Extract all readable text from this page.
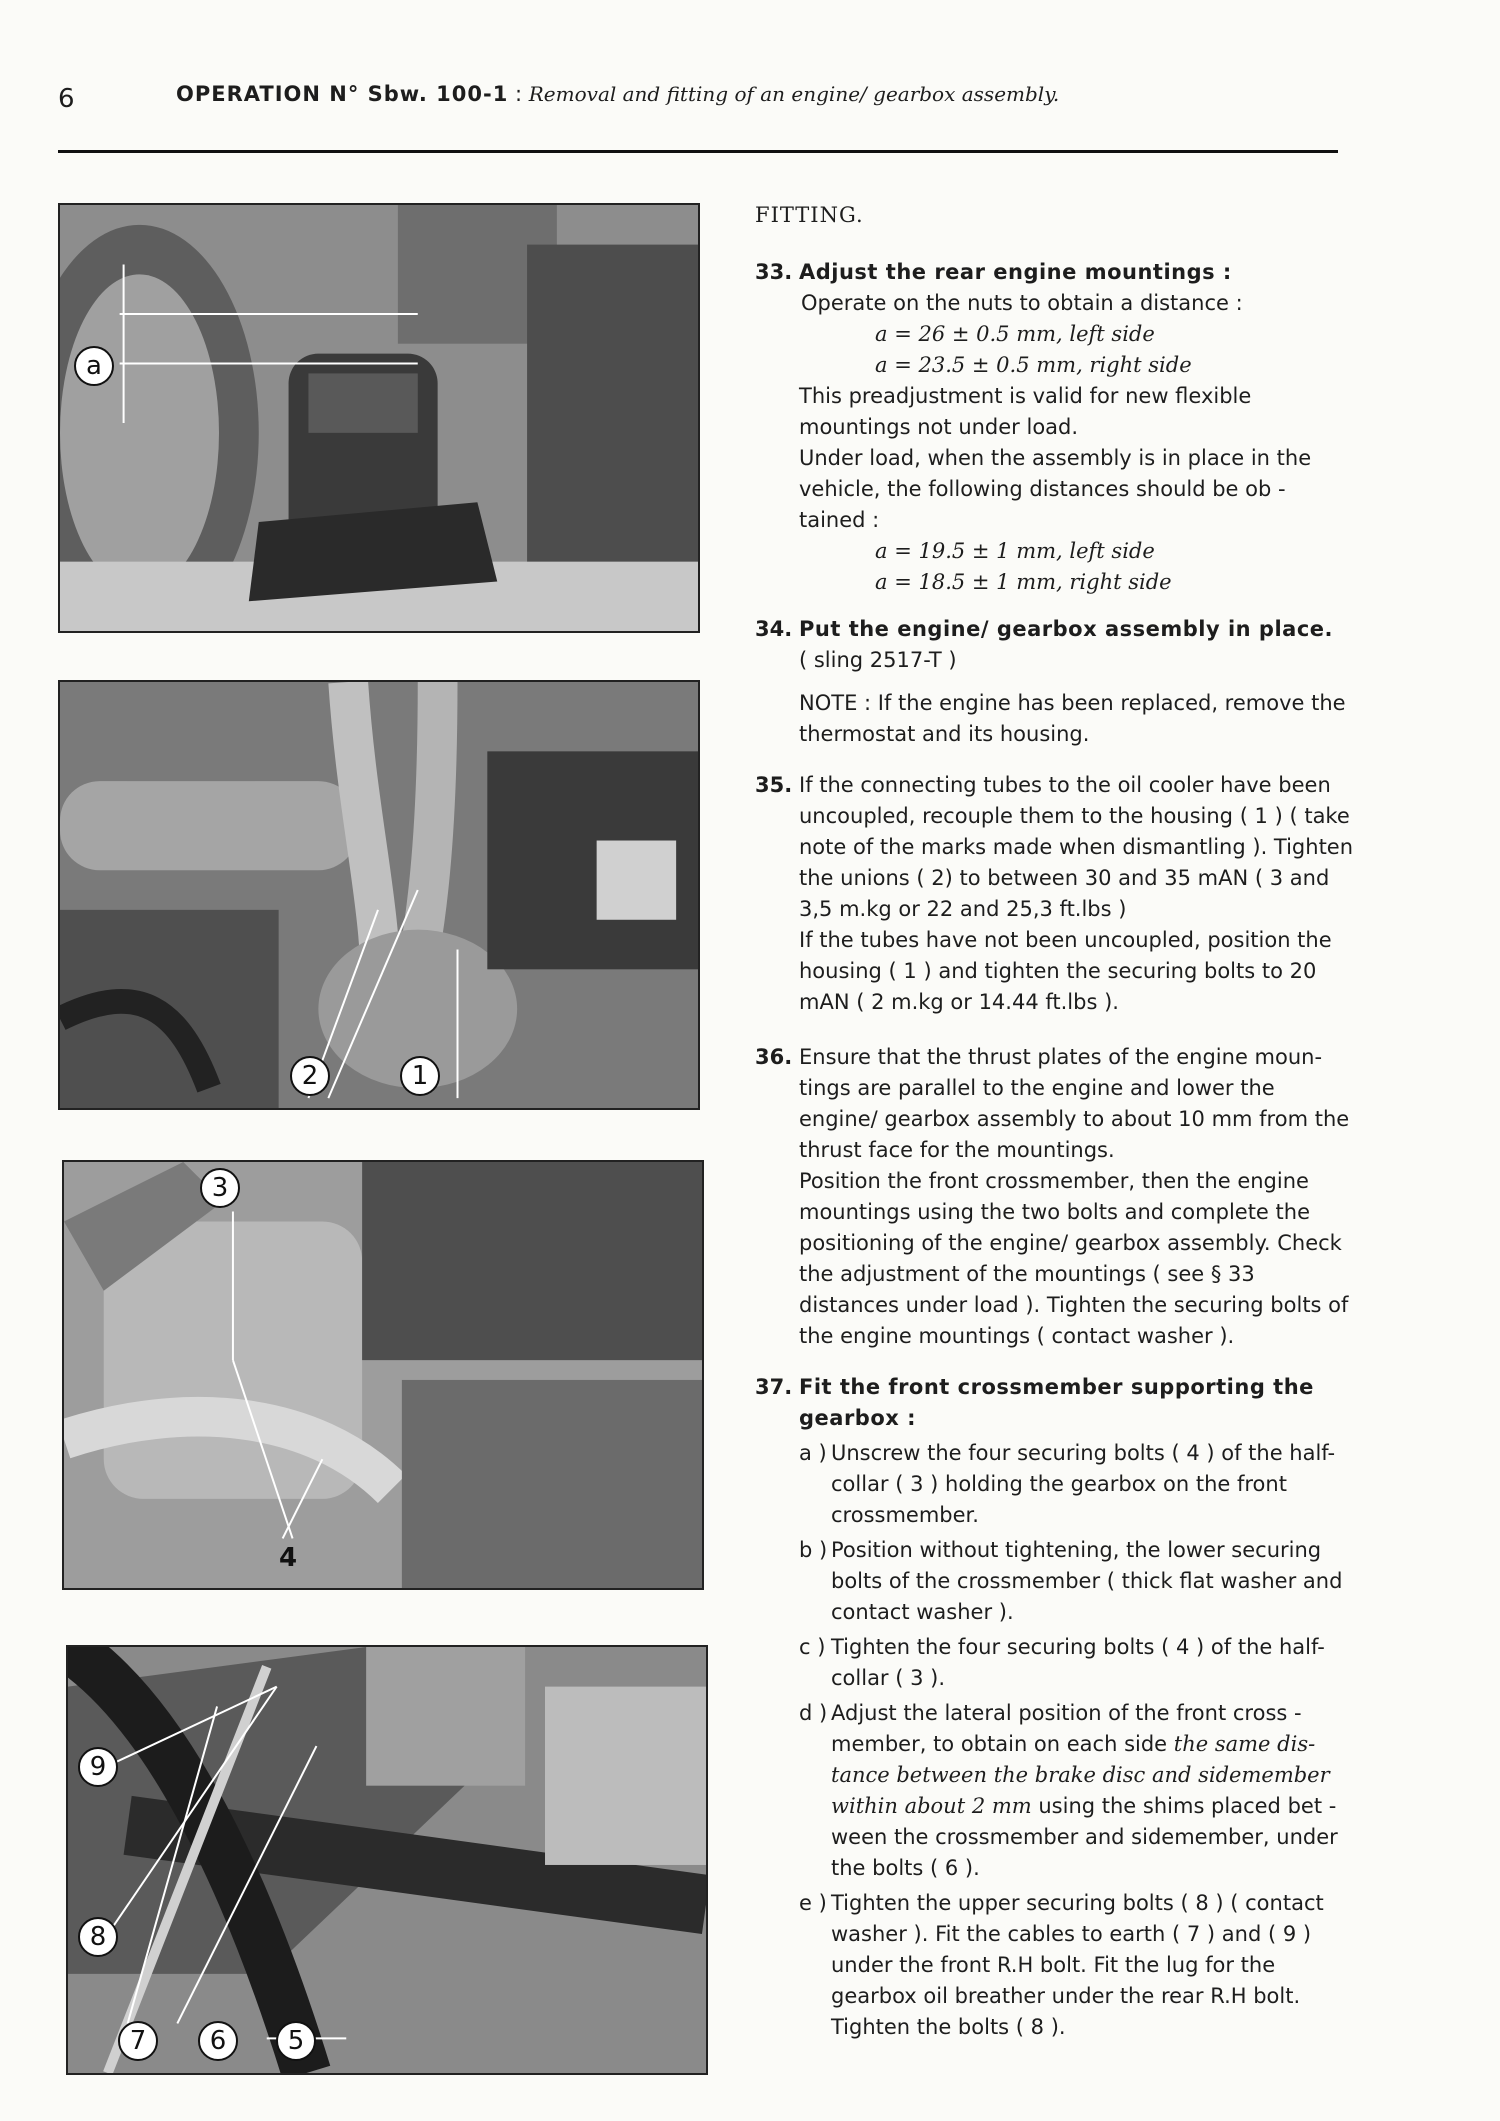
6	OPERATION N° Sbw. 100-1 : Removal and fitting of an engine/ gearbox assembly.
a
2	1
3
4
9
8
7	6	5
FITTING.
33. Adjust the rear engine mountings :

Operate on the nuts to obtain a distance :

a = 26 ± 0.5 mm, left side
a = 23.5 ± 0.5 mm, right side

This preadjustment is valid for new flexible mountings not under load.

Under load, when the assembly is in place in the vehicle, the following distances should be ob - tained :

a = 19.5 ± 1 mm, left side
a = 18.5 ± 1 mm, right side
34. Put the engine/ gearbox assembly in place.

( sling 2517-T )

NOTE : If the engine has been replaced, remove the thermostat and its housing.

35. If the connecting tubes to the oil cooler have been uncoupled, recouple them to the housing ( 1 ) ( take note of the marks made when dismantling ). Tighten the unions ( 2) to between 30 and 35 mAN ( 3 and 3,5 m.kg or 22 and 25,3 ft.lbs )

If the tubes have not been uncoupled, position the housing ( 1 ) and tighten the securing bolts to 20 mAN ( 2 m.kg or 14.44 ft.lbs ).

36. Ensure that the thrust plates of the engine moun- tings are parallel to the engine and lower the engine/ gearbox assembly to about 10 mm from the thrust face for the mountings.

Position the front crossmember, then the engine mountings using the two bolts and complete the positioning of the engine/ gearbox assembly. Check the adjustment of the mountings ( see § 33 distances under load ). Tighten the securing bolts of the engine mountings ( contact washer ).

37. Fit the front crossmember supporting the gearbox :
a ) Unscrew the four securing bolts ( 4 ) of the half-collar ( 3 ) holding the gearbox on the front crossmember.
b ) Position without tightening, the lower securing bolts of the crossmember ( thick flat washer and contact washer ).
c ) Tighten the four securing bolts ( 4 ) of the half- collar ( 3 ).
d ) Adjust the lateral position of the front cross - member, to obtain on each side the same dis- tance between the brake disc and sidemember within about 2 mm using the shims placed bet - ween the crossmember and sidemember, under the bolts ( 6 ).
e ) Tighten the upper securing bolts ( 8 ) ( contact washer ). Fit the cables to earth ( 7 ) and ( 9 ) under the front R.H bolt. Fit the lug for the gearbox oil breather under the rear R.H bolt. Tighten the bolts ( 8 ).
